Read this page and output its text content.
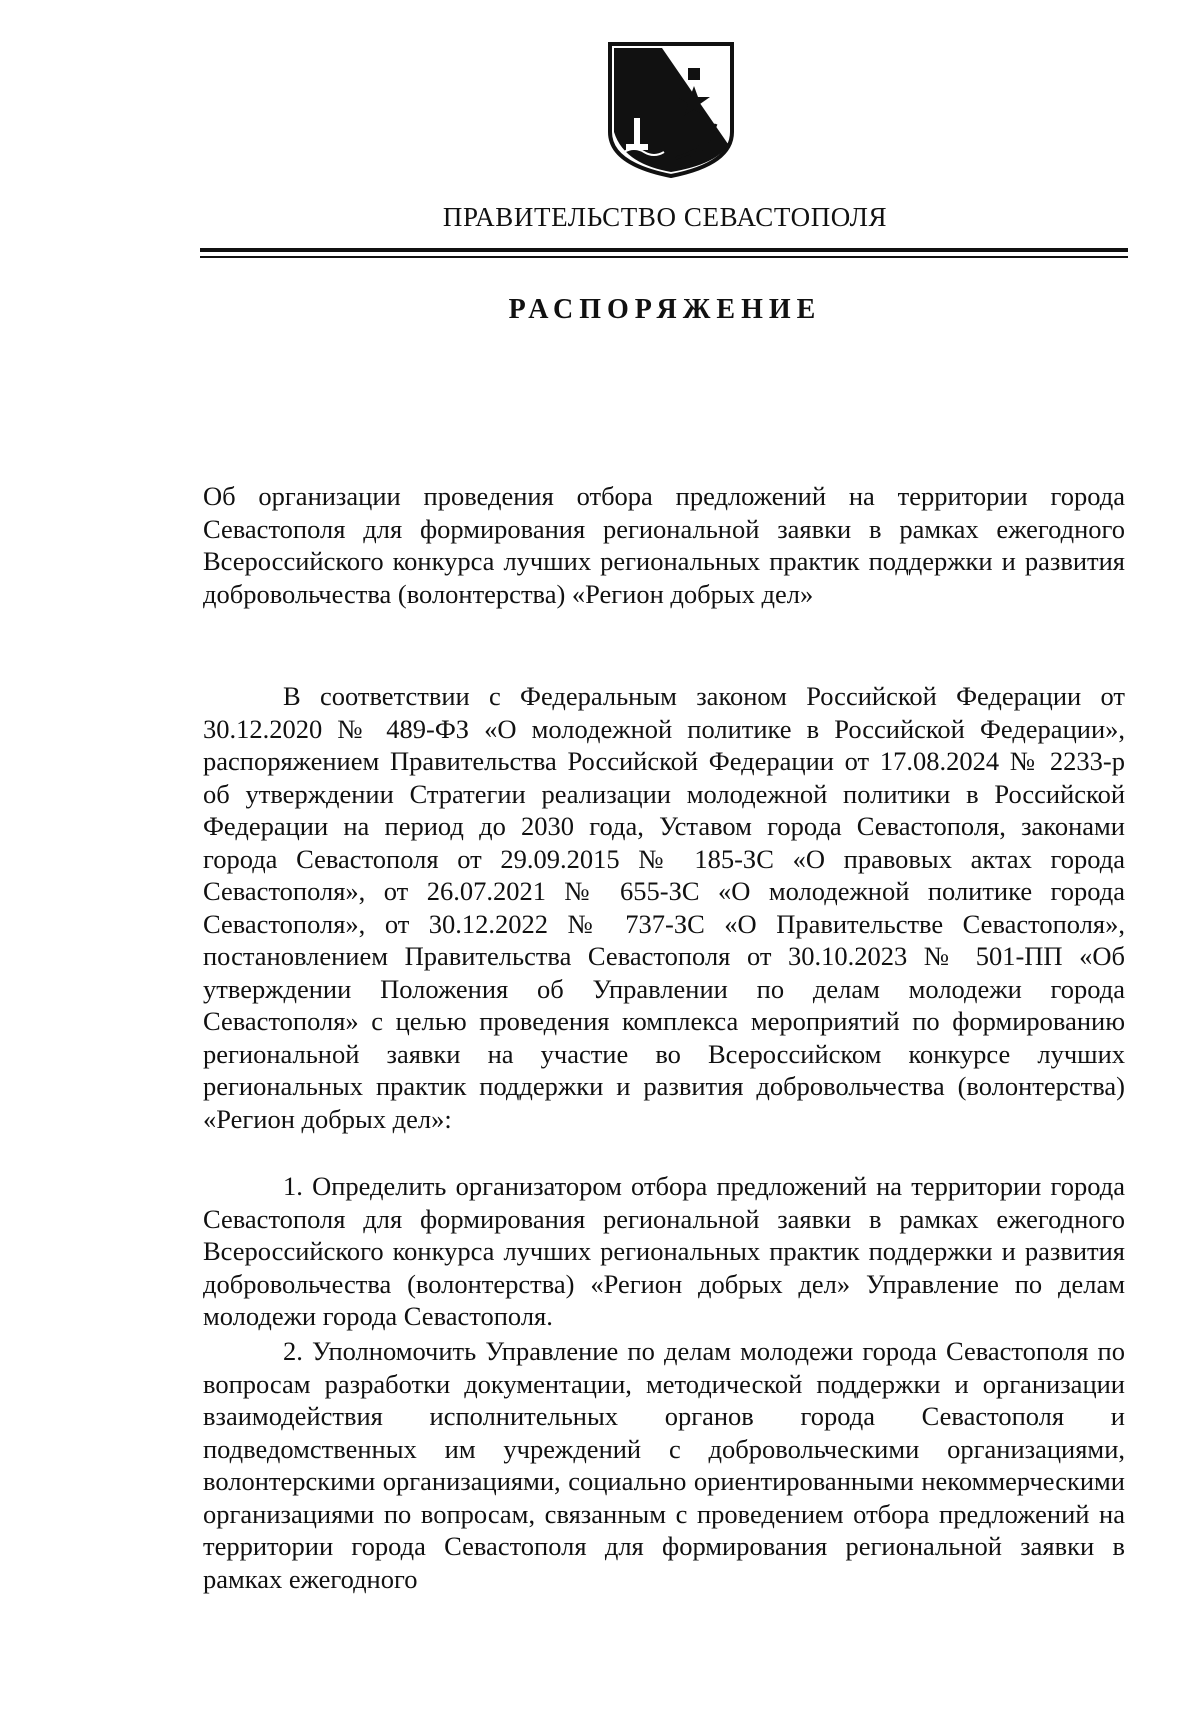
ПРАВИТЕЛЬСТВО СЕВАСТОПОЛЯ
РАСПОРЯЖЕНИЕ
Об организации проведения отбора предложений на территории города Севастополя для формирования региональной заявки в рамках ежегодного Всероссийского конкурса лучших региональных практик поддержки и развития добровольчества (волонтерства) «Регион добрых дел»
В соответствии с Федеральным законом Российской Федерации от 30.12.2020 № 489-ФЗ «О молодежной политике в Российской Федерации», распоряжением Правительства Российской Федерации от 17.08.2024 № 2233-р об утверждении Стратегии реализации молодежной политики в Российской Федерации на период до 2030 года, Уставом города Севастополя, законами города Севастополя от 29.09.2015 № 185-ЗС «О правовых актах города Севастополя», от 26.07.2021 № 655-ЗС «О молодежной политике города Севастополя», от 30.12.2022 № 737-ЗС «О Правительстве Севастополя», постановлением Правительства Севастополя от 30.10.2023 № 501-ПП «Об утверждении Положения об Управлении по делам молодежи города Севастополя» с целью проведения комплекса мероприятий по формированию региональной заявки на участие во Всероссийском конкурсе лучших региональных практик поддержки и развития добровольчества (волонтерства) «Регион добрых дел»:
1. Определить организатором отбора предложений на территории города Севастополя для формирования региональной заявки в рамках ежегодного Всероссийского конкурса лучших региональных практик поддержки и развития добровольчества (волонтерства) «Регион добрых дел» Управление по делам молодежи города Севастополя.
2. Уполномочить Управление по делам молодежи города Севастополя по вопросам разработки документации, методической поддержки и организации взаимодействия исполнительных органов города Севастополя и подведомственных им учреждений с добровольческими организациями, волонтерскими организациями, социально ориентированными некоммерческими организациями по вопросам, связанным с проведением отбора предложений на территории города Севастополя для формирования региональной заявки в рамках ежегодного
